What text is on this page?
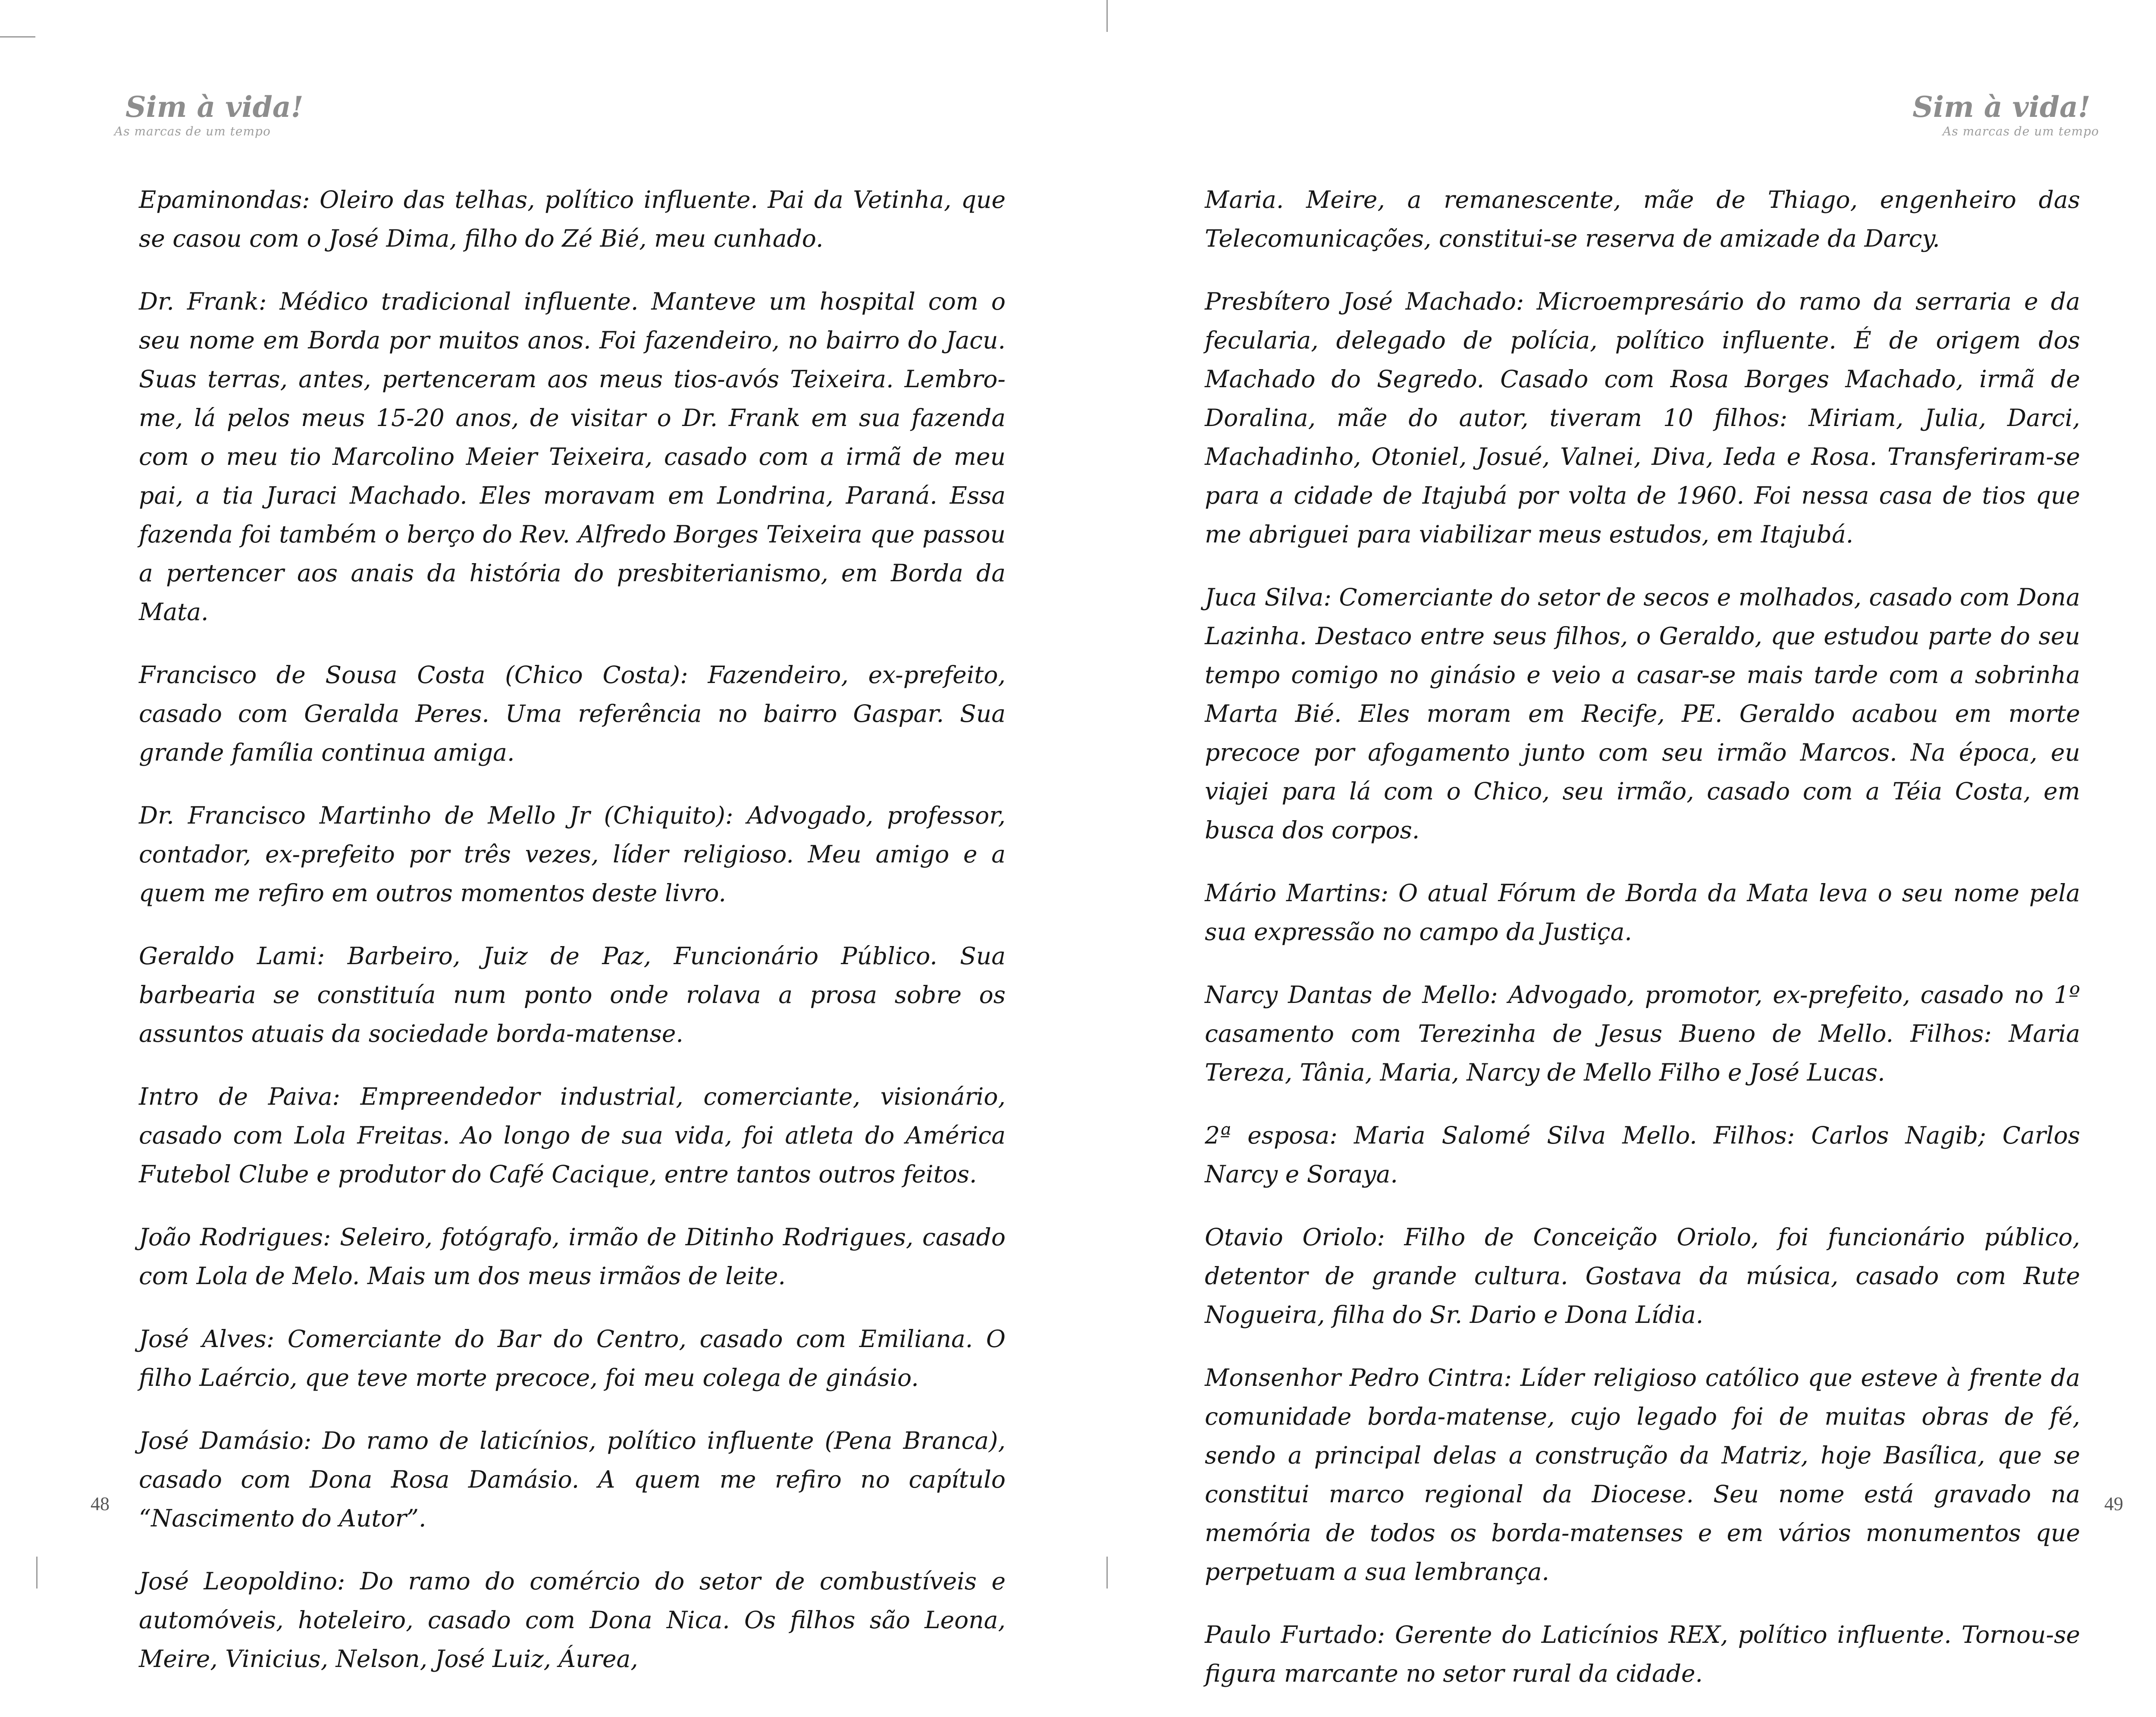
Sim à vida!
As marcas de um tempo

Epaminondas: Oleiro das telhas, político influente. Pai da Vetinha, que se casou com o José Dima, filho do Zé Bié, meu cunhado.

Dr. Frank: Médico tradicional influente. Manteve um hospital com o seu nome em Borda por muitos anos. Foi fazendeiro, no bairro do Jacu. Suas terras, antes, pertenceram aos meus tios-avós Teixeira. Lembro-me, lá pelos meus 15-20 anos, de visitar o Dr. Frank em sua fazenda com o meu tio Marcolino Meier Teixeira, casado com a irmã de meu pai, a tia Juraci Machado. Eles moravam em Londrina, Paraná. Essa fazenda foi também o berço do Rev. Alfredo Borges Teixeira que passou a pertencer aos anais da história do presbiterianismo, em Borda da Mata.

Francisco de Sousa Costa (Chico Costa): Fazendeiro, ex-prefeito, casado com Geralda Peres. Uma referência no bairro Gaspar. Sua grande família continua amiga.

Dr. Francisco Martinho de Mello Jr (Chiquito): Advogado, professor, contador, ex-prefeito por três vezes, líder religioso. Meu amigo e a quem me refiro em outros momentos deste livro.

Geraldo Lami: Barbeiro, Juiz de Paz, Funcionário Público. Sua barbearia se constituía num ponto onde rolava a prosa sobre os assuntos atuais da sociedade borda-matense.

Intro de Paiva: Empreendedor industrial, comerciante, visionário, casado com Lola Freitas. Ao longo de sua vida, foi atleta do América Futebol Clube e produtor do Café Cacique, entre tantos outros feitos.

João Rodrigues: Seleiro, fotógrafo, irmão de Ditinho Rodrigues, casado com Lola de Melo. Mais um dos meus irmãos de leite.

José Alves: Comerciante do Bar do Centro, casado com Emiliana. O filho Laércio, que teve morte precoce, foi meu colega de ginásio.

José Damásio: Do ramo de laticínios, político influente (Pena Branca), casado com Dona Rosa Damásio. A quem me refiro no capítulo “Nascimento do Autor”.

José Leopoldino: Do ramo do comércio do setor de combustíveis e automóveis, hoteleiro, casado com Dona Nica. Os filhos são Leona, Meire, Vinicius, Nelson, José Luiz, Áurea,

48
Sim à vida!
As marcas de um tempo

Maria. Meire, a remanescente, mãe de Thiago, engenheiro das Telecomunicações, constitui-se reserva de amizade da Darcy.

Presbítero José Machado: Microempresário do ramo da serraria e da fecularia, delegado de polícia, político influente. É de origem dos Machado do Segredo. Casado com Rosa Borges Machado, irmã de Doralina, mãe do autor, tiveram 10 filhos: Miriam, Julia, Darci, Machadinho, Otoniel, Josué, Valnei, Diva, Ieda e Rosa. Transferiram-se para a cidade de Itajubá por volta de 1960. Foi nessa casa de tios que me abriguei para viabilizar meus estudos, em Itajubá.

Juca Silva: Comerciante do setor de secos e molhados, casado com Dona Lazinha. Destaco entre seus filhos, o Geraldo, que estudou parte do seu tempo comigo no ginásio e veio a casar-se mais tarde com a sobrinha Marta Bié. Eles moram em Recife, PE. Geraldo acabou em morte precoce por afogamento junto com seu irmão Marcos. Na época, eu viajei para lá com o Chico, seu irmão, casado com a Téia Costa, em busca dos corpos.

Mário Martins: O atual Fórum de Borda da Mata leva o seu nome pela sua expressão no campo da Justiça.

Narcy Dantas de Mello: Advogado, promotor, ex-prefeito, casado no 1º casamento com Terezinha de Jesus Bueno de Mello. Filhos: Maria Tereza, Tânia, Maria, Narcy de Mello Filho e José Lucas.

2ª esposa: Maria Salomé Silva Mello. Filhos: Carlos Nagib; Carlos Narcy e Soraya.

Otavio Oriolo: Filho de Conceição Oriolo, foi funcionário público, detentor de grande cultura. Gostava da música, casado com Rute Nogueira, filha do Sr. Dario e Dona Lídia.

Monsenhor Pedro Cintra: Líder religioso católico que esteve à frente da comunidade borda-matense, cujo legado foi de muitas obras de fé, sendo a principal delas a construção da Matriz, hoje Basílica, que se constitui marco regional da Diocese. Seu nome está gravado na memória de todos os borda-matenses e em vários monumentos que perpetuam a sua lembrança.

Paulo Furtado: Gerente do Laticínios REX, político influente. Tornou-se figura marcante no setor rural da cidade.

49
